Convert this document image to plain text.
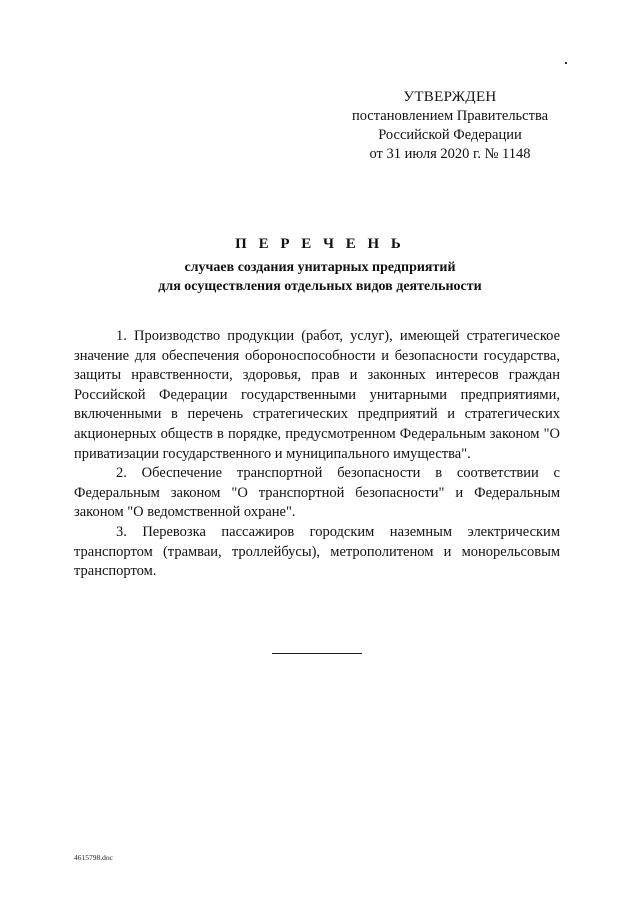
УТВЕРЖДЕН
постановлением Правительства
Российской Федерации
от 31 июля 2020 г. № 1148
П Е Р Е Ч Е Н Ь
случаев создания унитарных предприятий
для осуществления отдельных видов деятельности

1. Производство продукции (работ, услуг), имеющей стратегическое значение для обеспечения обороноспособности и безопасности государства, защиты нравственности, здоровья, прав и законных интересов граждан Российской Федерации государственными унитарными предприятиями, включенными в перечень стратегических предприятий и стратегических акционерных обществ в порядке, предусмотренном Федеральным законом "О приватизации государственного и муниципального имущества".

2. Обеспечение транспортной безопасности в соответствии с Федеральным законом "О транспортной безопасности" и Федеральным законом "О ведомственной охране".

3. Перевозка пассажиров городским наземным электрическим транспортом (трамваи, троллейбусы), метрополитеном и монорельсовым транспортом.

4615798.doc
